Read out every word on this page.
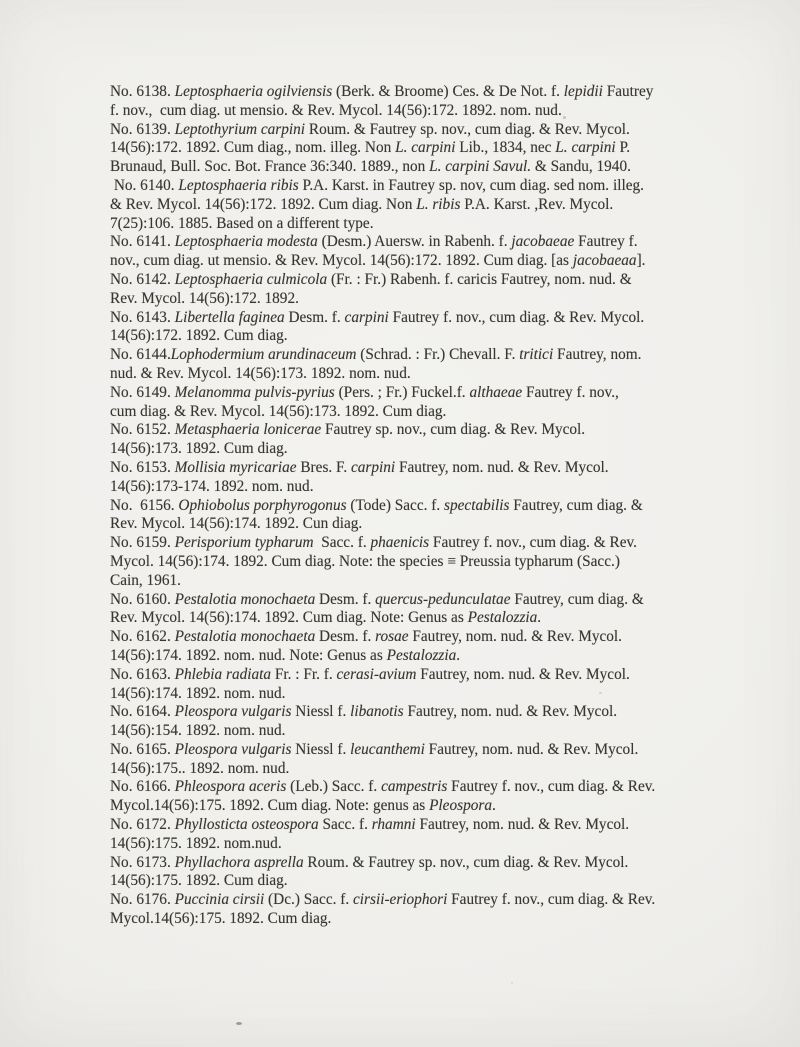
No. 6138. Leptosphaeria ogilviensis (Berk. & Broome) Ces. & De Not. f. lepidii Fautrey
f. nov.,  cum diag. ut mensio. & Rev. Mycol. 14(56):172. 1892. nom. nud.
No. 6139. Leptothyrium carpini Roum. & Fautrey sp. nov., cum diag. & Rev. Mycol.
14(56):172. 1892. Cum diag., nom. illeg. Non L. carpini Lib., 1834, nec L. carpini P.
Brunaud, Bull. Soc. Bot. France 36:340. 1889., non L. carpini Savul. & Sandu, 1940.
No. 6140. Leptosphaeria ribis P.A. Karst. in Fautrey sp. nov, cum diag. sed nom. illeg.
& Rev. Mycol. 14(56):172. 1892. Cum diag. Non L. ribis P.A. Karst. ,Rev. Mycol.
7(25):106. 1885. Based on a different type.
No. 6141. Leptosphaeria modesta (Desm.) Auersw. in Rabenh. f. jacobaeae Fautrey f.
nov., cum diag. ut mensio. & Rev. Mycol. 14(56):172. 1892. Cum diag. [as jacobaeaa].
No. 6142. Leptosphaeria culmicola (Fr. : Fr.) Rabenh. f. caricis Fautrey, nom. nud. &
Rev. Mycol. 14(56):172. 1892.
No. 6143. Libertella faginea Desm. f. carpini Fautrey f. nov., cum diag. & Rev. Mycol.
14(56):172. 1892. Cum diag.
No. 6144.Lophodermium arundinaceum (Schrad. : Fr.) Chevall. F. tritici Fautrey, nom.
nud. & Rev. Mycol. 14(56):173. 1892. nom. nud.
No. 6149. Melanomma pulvis-pyrius (Pers. ; Fr.) Fuckel.f. althaeae Fautrey f. nov.,
cum diag. & Rev. Mycol. 14(56):173. 1892. Cum diag.
No. 6152. Metasphaeria lonicerae Fautrey sp. nov., cum diag. & Rev. Mycol.
14(56):173. 1892. Cum diag.
No. 6153. Mollisia myricariae Bres. F. carpini Fautrey, nom. nud. & Rev. Mycol.
14(56):173-174. 1892. nom. nud.
No.  6156. Ophiobolus porphyrogonus (Tode) Sacc. f. spectabilis Fautrey, cum diag. &
Rev. Mycol. 14(56):174. 1892. Cun diag.
No. 6159. Perisporium typharum  Sacc. f. phaenicis Fautrey f. nov., cum diag. & Rev.
Mycol. 14(56):174. 1892. Cum diag. Note: the species ≡ Preussia typharum (Sacc.)
Cain, 1961.
No. 6160. Pestalotia monochaeta Desm. f. quercus-pedunculatae Fautrey, cum diag. &
Rev. Mycol. 14(56):174. 1892. Cum diag. Note: Genus as Pestalozzia.
No. 6162. Pestalotia monochaeta Desm. f. rosae Fautrey, nom. nud. & Rev. Mycol.
14(56):174. 1892. nom. nud. Note: Genus as Pestalozzia.
No. 6163. Phlebia radiata Fr. : Fr. f. cerasi-avium Fautrey, nom. nud. & Rev. Mycol.
14(56):174. 1892. nom. nud.
No. 6164. Pleospora vulgaris Niessl f. libanotis Fautrey, nom. nud. & Rev. Mycol.
14(56):154. 1892. nom. nud.
No. 6165. Pleospora vulgaris Niessl f. leucanthemi Fautrey, nom. nud. & Rev. Mycol.
14(56):175.. 1892. nom. nud.
No. 6166. Phleospora aceris (Leb.) Sacc. f. campestris Fautrey f. nov., cum diag. & Rev.
Mycol.14(56):175. 1892. Cum diag. Note: genus as Pleospora.
No. 6172. Phyllosticta osteospora Sacc. f. rhamni Fautrey, nom. nud. & Rev. Mycol.
14(56):175. 1892. nom.nud.
No. 6173. Phyllachora asprella Roum. & Fautrey sp. nov., cum diag. & Rev. Mycol.
14(56):175. 1892. Cum diag.
No. 6176. Puccinia cirsii (Dc.) Sacc. f. cirsii-eriophori Fautrey f. nov., cum diag. & Rev.
Mycol.14(56):175. 1892. Cum diag.
